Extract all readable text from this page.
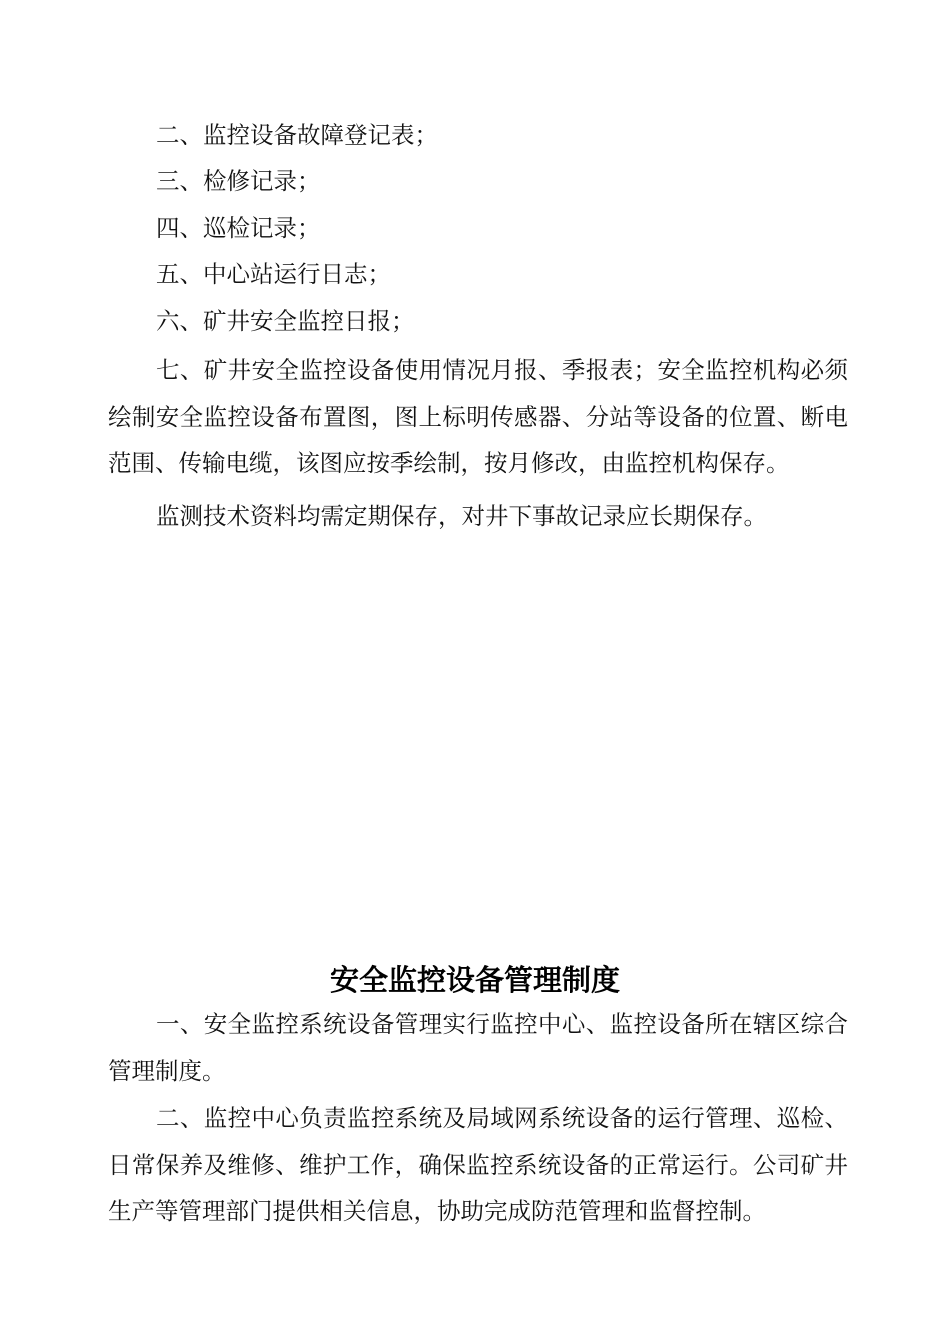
二、监控设备故障登记表；

三、检修记录；

四、巡检记录；

五、中心站运行日志；

六、矿井安全监控日报；

七、矿井安全监控设备使用情况月报、季报表；安全监控机构必须绘制安全监控设备布置图，图上标明传感器、分站等设备的位置、断电范围、传输电缆，该图应按季绘制，按月修改，由监控机构保存。

监测技术资料均需定期保存，对井下事故记录应长期保存。

安全监控设备管理制度

一、安全监控系统设备管理实行监控中心、监控设备所在辖区综合管理制度。

二、监控中心负责监控系统及局域网系统设备的运行管理、巡检、日常保养及维修、维护工作，确保监控系统设备的正常运行。公司矿井生产等管理部门提供相关信息，协助完成防范管理和监督控制。
